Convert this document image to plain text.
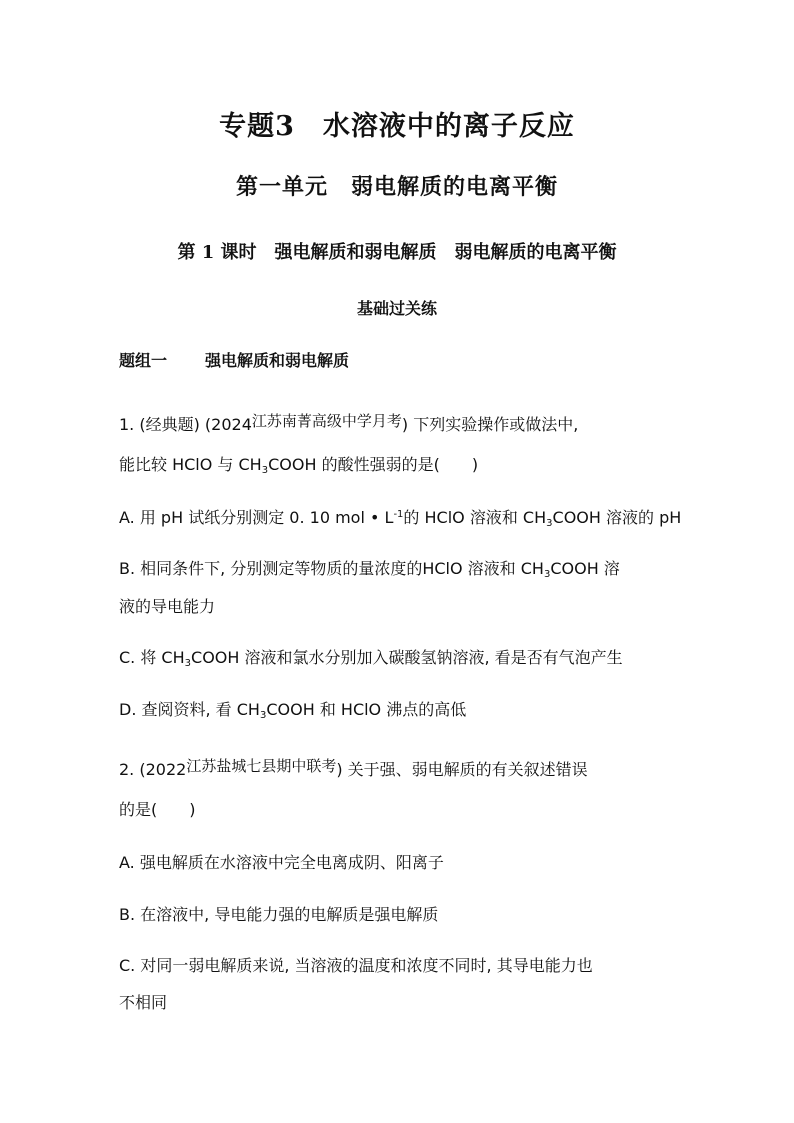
专题3　水溶液中的离子反应
第一单元　弱电解质的电离平衡
第 1 课时　强电解质和弱电解质　弱电解质的电离平衡
基础过关练
题组一 强电解质和弱电解质
1. (经典题) (2024江苏南菁高级中学月考) 下列实验操作或做法中,
能比较 HClO 与 $CH_3COOH$ 的酸性强弱的是(　　)
A. 用 pH 试纸分别测定 0. 10 mol • $L^{-1}$的 HClO 溶液和 $CH_3COOH$ 溶液的 pH
B. 相同条件下, 分别测定等物质的量浓度的HClO 溶液和 $CH_3COOH$ 溶
液的导电能力
C. 将 $CH_3COOH$ 溶液和氯水分别加入碳酸氢钠溶液, 看是否有气泡产生
D. 查阅资料, 看 $CH_3COOH$ 和 HClO 沸点的高低
2. (2022江苏盐城七县期中联考) 关于强、弱电解质的有关叙述错误
的是(　　)
A. 强电解质在水溶液中完全电离成阴、阳离子
B. 在溶液中, 导电能力强的电解质是强电解质
C. 对同一弱电解质来说, 当溶液的温度和浓度不同时, 其导电能力也
不相同
